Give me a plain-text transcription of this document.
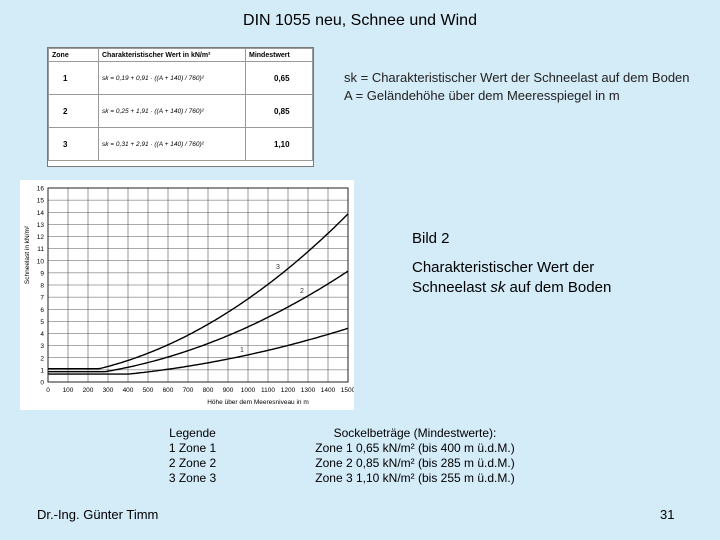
DIN 1055 neu, Schnee und Wind
Zone	Charakteristischer Wert in kN/m²	Mindestwert
1	sk = 0,19 + 0,91 · ((A + 140) / 760)²	0,65
2	sk = 0,25 + 1,91 · ((A + 140) / 760)²	0,85
3	sk = 0,31 + 2,91 · ((A + 140) / 760)²	1,10
sk = Charakteristischer Wert der Schneelast auf dem Boden
A = Geländehöhe über dem Meeresspiegel in m
0 100 200 300 400 500 600 700 800 900 1000 1100 1200 1300 1400 1500
0
1
2
3
4
5
6
7
8
9
10
11
12
13
14
15
16
Höhe über dem Meeresniveau in m
Schneelast in kN/m²
1
2
3
Bild 2
Charakteristischer Wert der
Schneelast sk auf dem Boden
Legende
1 Zone 1
2 Zone 2
3 Zone 3
Sockelbeträge (Mindestwerte):
Zone 1 0,65 kN/m² (bis 400 m ü.d.M.)
Zone 2 0,85 kN/m² (bis 285 m ü.d.M.)
Zone 3 1,10 kN/m² (bis 255 m ü.d.M.)
Dr.-Ing. Günter Timm	31
